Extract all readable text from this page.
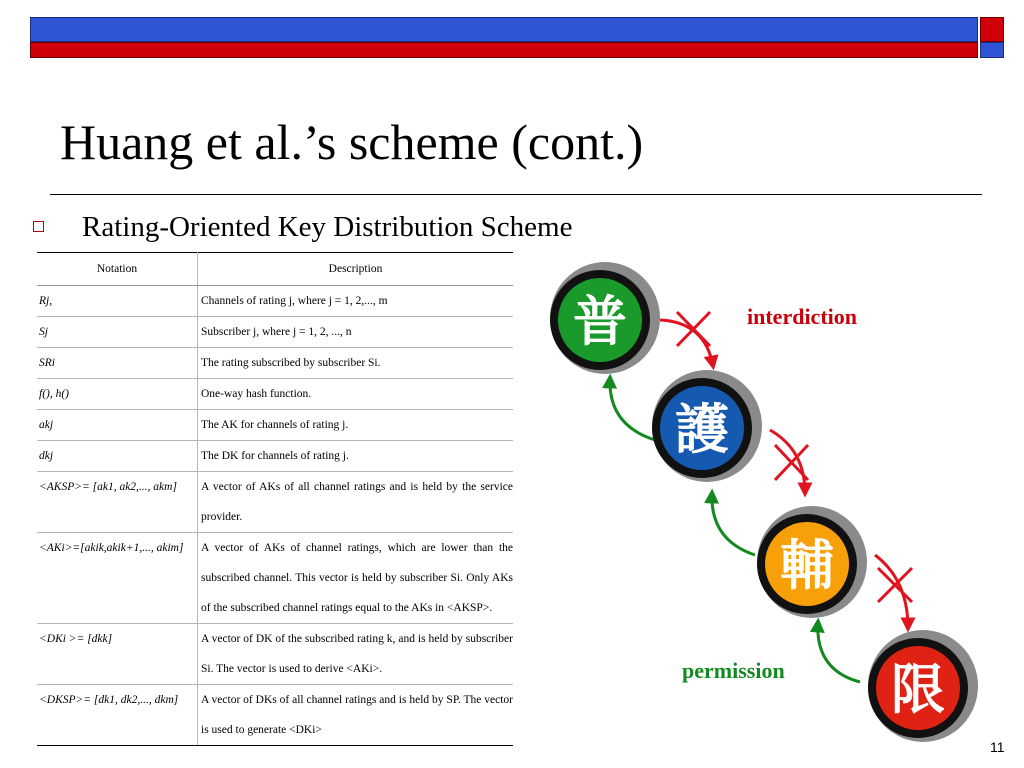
Huang et al.’s scheme (cont.)
Rating-Oriented Key Distribution Scheme
Notation	Description
Rj,	Channels of rating j, where j = 1, 2,..., m
Sj	Subscriber j, where j = 1, 2, ..., n
SRi	The rating subscribed by subscriber Si.
f(), h()	One-way hash function.
akj	The AK for channels of rating j.
dkj	The DK for channels of rating j.
<AKSP>= [ak1, ak2,..., akm]	A vector of AKs of all channel ratings and is held by the service provider.
<AKi>=[akik,akik+1,..., akim]	A vector of AKs of channel ratings, which are lower than the subscribed channel. This vector is held by subscriber Si. Only AKs of the subscribed channel ratings equal to the AKs in <AKSP>.
<DKi >= [dkk]	A vector of DK of the subscribed rating k, and is held by subscriber Si. The vector is used to derive <AKi>.
<DKSP>= [dk1, dk2,..., dkm]	A vector of DKs of all channel ratings and is held by SP. The vector is used to generate <DKi>
普
護
輔
限
interdiction
permission
11
